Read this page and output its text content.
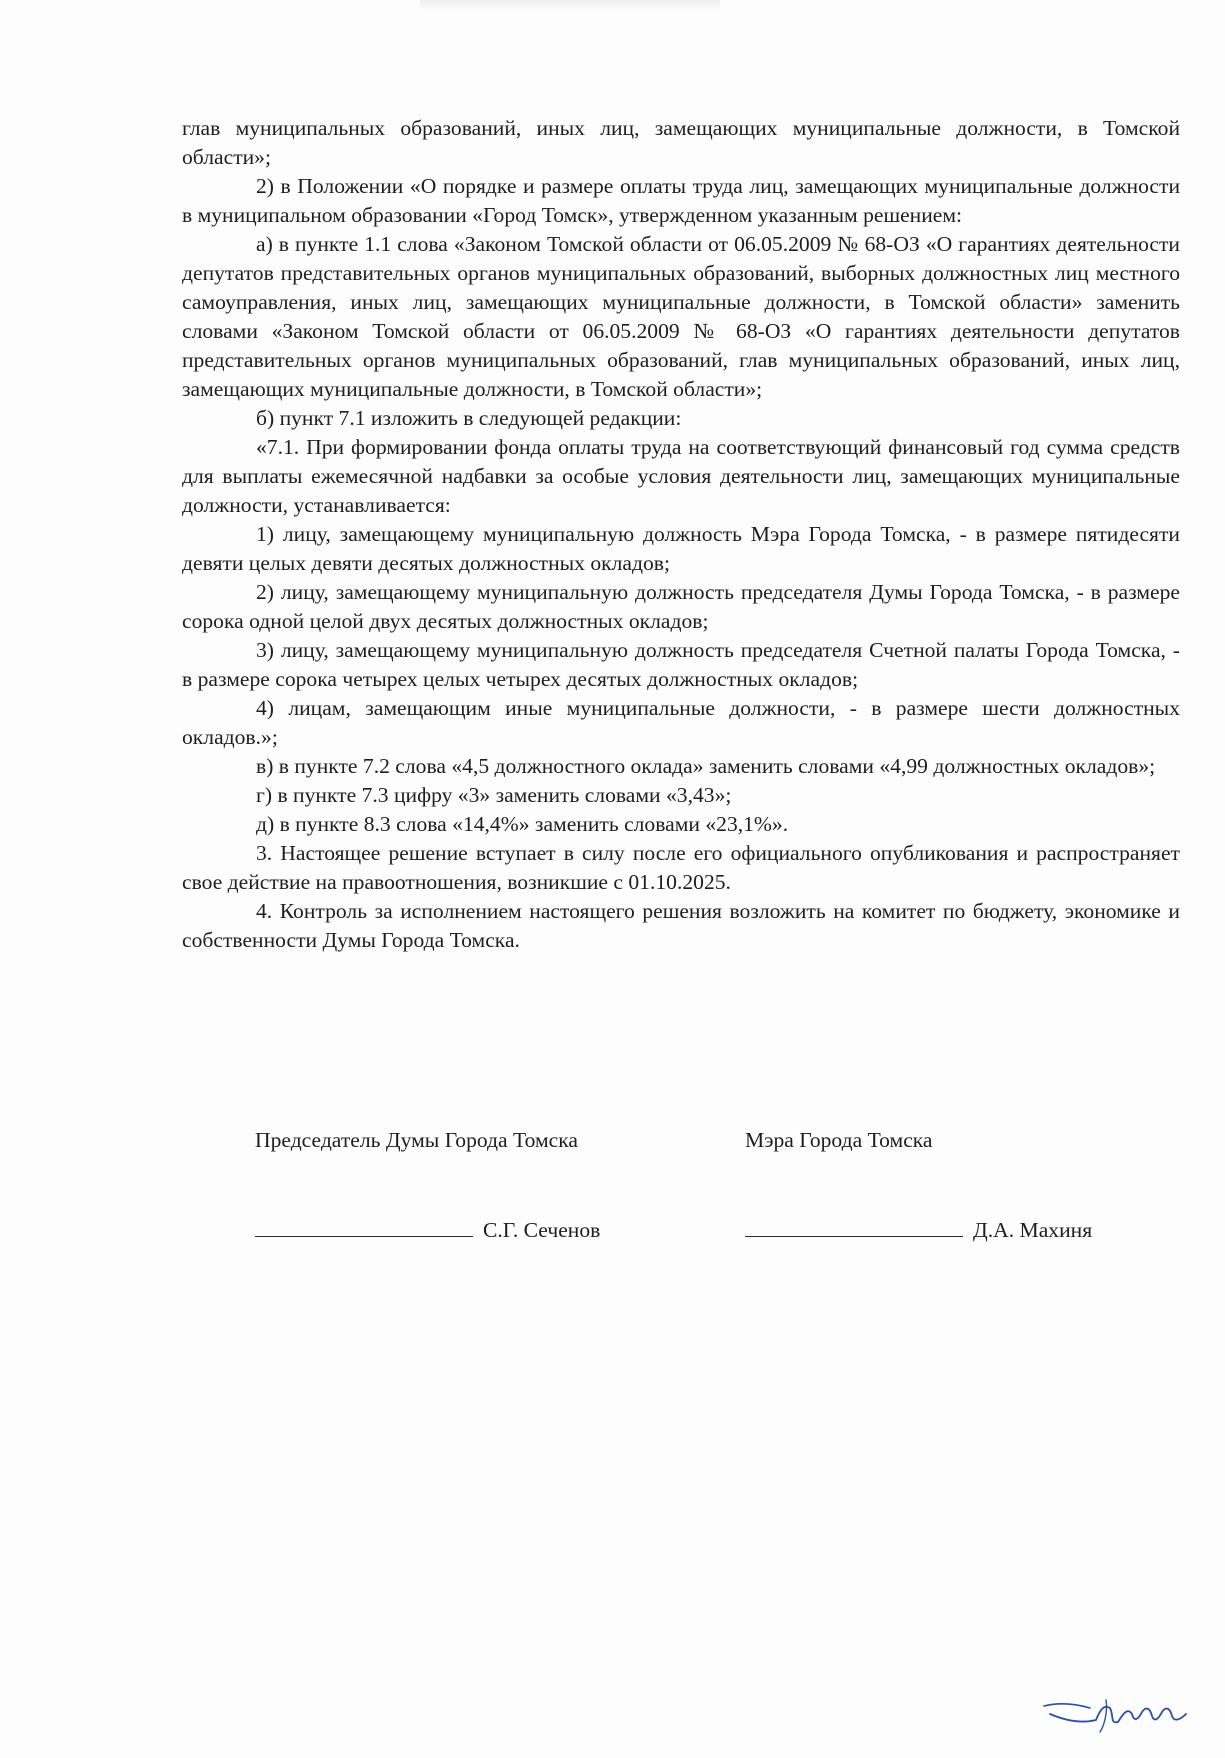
глав муниципальных образований, иных лиц, замещающих муниципальные должности, в Томской области»;

2) в Положении «О порядке и размере оплаты труда лиц, замещающих муниципальные должности в муниципальном образовании «Город Томск», утвержденном указанным решением:

а) в пункте 1.1 слова «Законом Томской области от 06.05.2009 № 68-ОЗ «О гарантиях деятельности депутатов представительных органов муниципальных образований, выборных должностных лиц местного самоуправления, иных лиц, замещающих муниципальные должности, в Томской области» заменить словами «Законом Томской области от 06.05.2009 № 68-ОЗ «О гарантиях деятельности депутатов представительных органов муниципальных образований, глав муниципальных образований, иных лиц, замещающих муниципальные должности, в Томской области»;

б) пункт 7.1 изложить в следующей редакции:

«7.1. При формировании фонда оплаты труда на соответствующий финансовый год сумма средств для выплаты ежемесячной надбавки за особые условия деятельности лиц, замещающих муниципальные должности, устанавливается:

1) лицу, замещающему муниципальную должность Мэра Города Томска, - в размере пятидесяти девяти целых девяти десятых должностных окладов;

2) лицу, замещающему муниципальную должность председателя Думы Города Томска, - в размере сорока одной целой двух десятых должностных окладов;

3) лицу, замещающему муниципальную должность председателя Счетной палаты Города Томска, - в размере сорока четырех целых четырех десятых должностных окладов;

4) лицам, замещающим иные муниципальные должности, - в размере шести должностных окладов.»;

в) в пункте 7.2 слова «4,5 должностного оклада» заменить словами «4,99 должностных окладов»;

г) в пункте 7.3 цифру «3» заменить словами «3,43»;

д) в пункте 8.3 слова «14,4%» заменить словами «23,1%».

3. Настоящее решение вступает в силу после его официального опубликования и распространяет свое действие на правоотношения, возникшие с 01.10.2025.

4. Контроль за исполнением настоящего решения возложить на комитет по бюджету, экономике и собственности Думы Города Томска.

Председатель Думы Города Томска	Мэра Города Томска
С.Г. Сеченов	Д.А. Махиня
